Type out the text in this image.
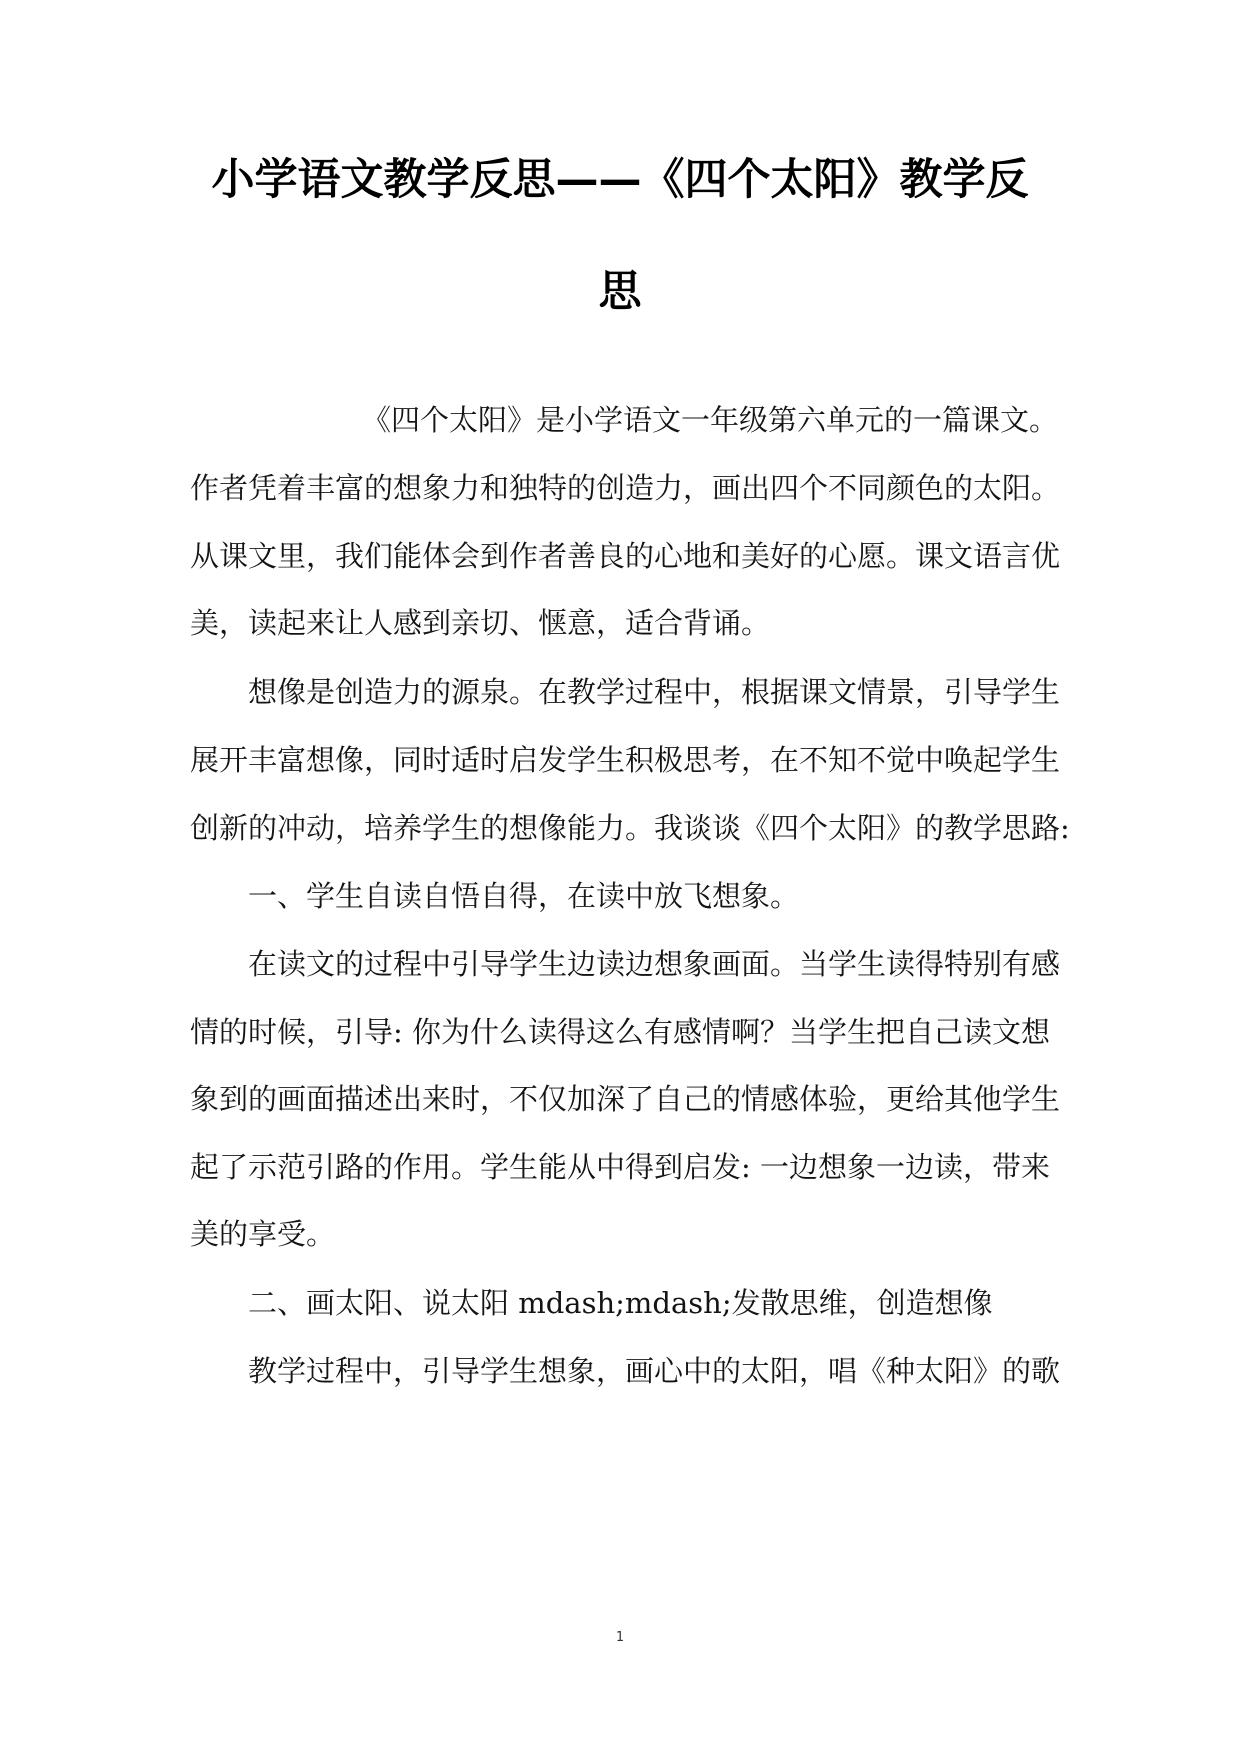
小学语文教学反思——《四个太阳》教学反
思
《四个太阳》是小学语文一年级第六单元的一篇课文。
作者凭着丰富的想象力和独特的创造力，画出四个不同颜色的太阳。
从课文里，我们能体会到作者善良的心地和美好的心愿。课文语言优
美，读起来让人感到亲切、惬意，适合背诵。
想像是创造力的源泉。在教学过程中，根据课文情景，引导学生
展开丰富想像，同时适时启发学生积极思考，在不知不觉中唤起学生
创新的冲动，培养学生的想像能力。我谈谈《四个太阳》的教学思路:
一、学生自读自悟自得，在读中放飞想象。
在读文的过程中引导学生边读边想象画面。当学生读得特别有感
情的时候，引导: 你为什么读得这么有感情啊？当学生把自己读文想
象到的画面描述出来时，不仅加深了自己的情感体验，更给其他学生
起了示范引路的作用。学生能从中得到启发: 一边想象一边读，带来
美的享受。
二、画太阳、说太阳 mdash;mdash;发散思维，创造想像
教学过程中，引导学生想象，画心中的太阳，唱《种太阳》的歌
1
